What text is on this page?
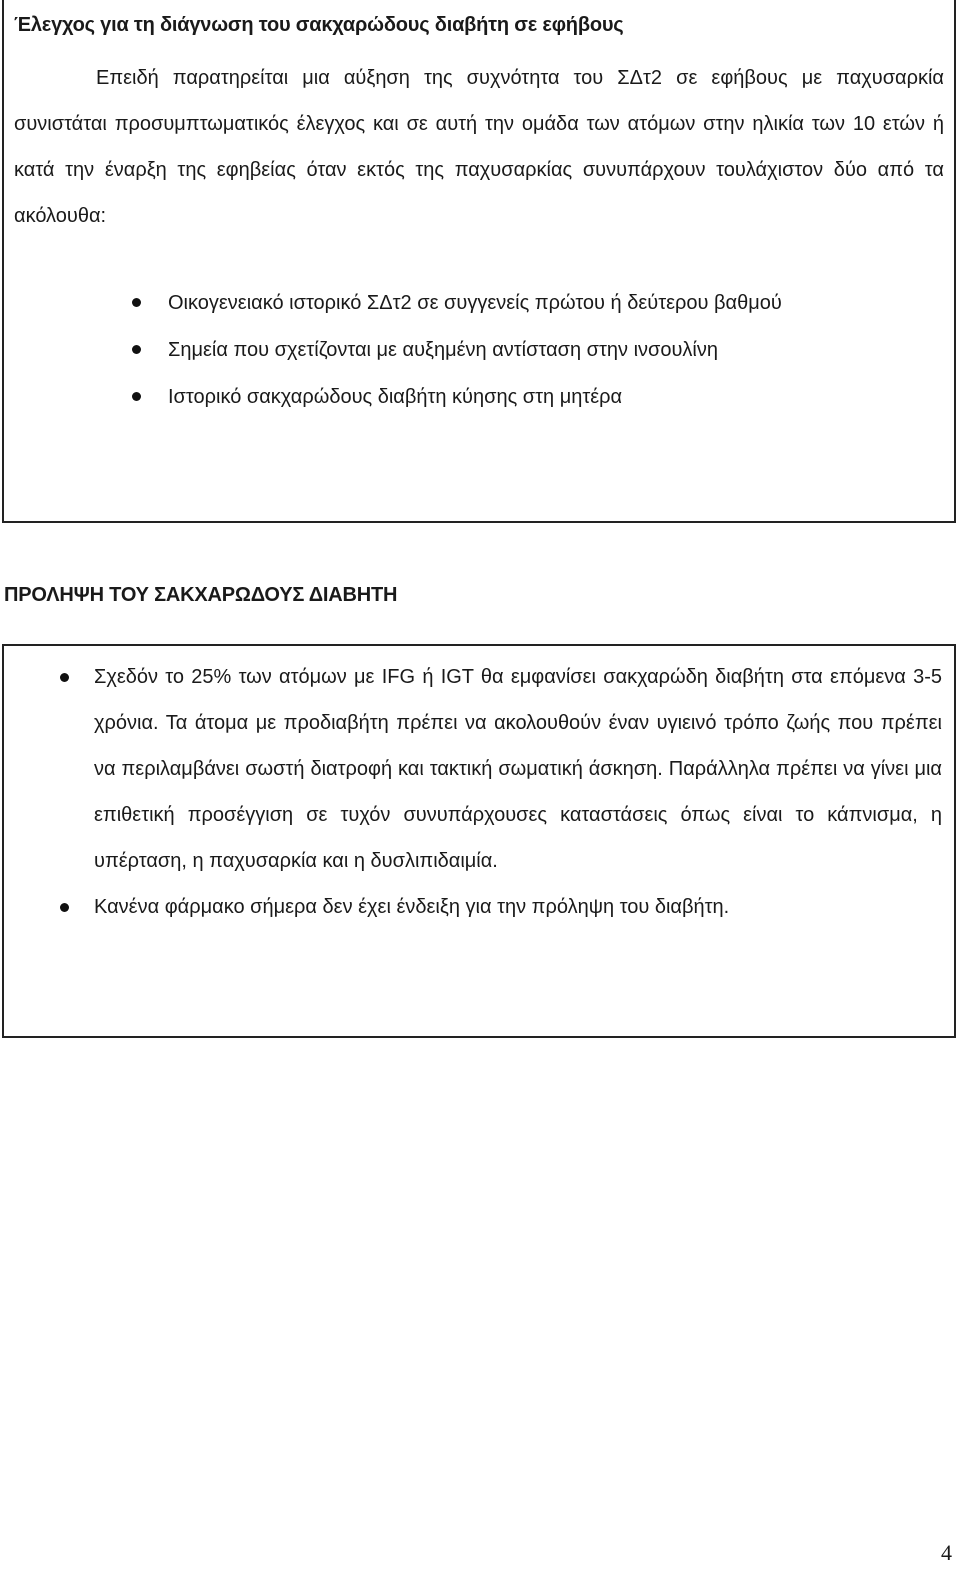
Έλεγχος για τη διάγνωση του σακχαρώδους διαβήτη σε εφήβους

Επειδή παρατηρείται μια αύξηση της συχνότητα του ΣΔτ2 σε εφήβους με παχυσαρκία συνιστάται προσυμπτωματικός έλεγχος και σε αυτή την ομάδα των ατόμων στην ηλικία των 10 ετών ή κατά την έναρξη της εφηβείας όταν εκτός της παχυσαρκίας συνυπάρχουν τουλάχιστον δύο από τα ακόλουθα:

Οικογενειακό ιστορικό ΣΔτ2 σε συγγενείς πρώτου ή δεύτερου βαθμού
Σημεία που σχετίζονται με αυξημένη αντίσταση στην ινσουλίνη
Ιστορικό σακχαρώδους διαβήτη κύησης στη μητέρα
ΠΡΟΛΗΨΗ ΤΟΥ ΣΑΚΧΑΡΩΔΟΥΣ ΔΙΑΒΗΤΗ
Σχεδόν το 25% των ατόμων με IFG ή IGT θα εμφανίσει σακχαρώδη διαβήτη στα επόμενα 3-5 χρόνια. Τα άτομα με προδιαβήτη πρέπει να ακολουθούν έναν υγιεινό τρόπο ζωής που πρέπει να περιλαμβάνει σωστή διατροφή και τακτική σωματική άσκηση. Παράλληλα πρέπει να γίνει μια επιθετική προσέγγιση σε τυχόν συνυπάρχουσες καταστάσεις όπως είναι το κάπνισμα, η υπέρταση, η παχυσαρκία και η δυσλιπιδαιμία.
Κανένα φάρμακο σήμερα δεν έχει ένδειξη για την πρόληψη του διαβήτη.
4
